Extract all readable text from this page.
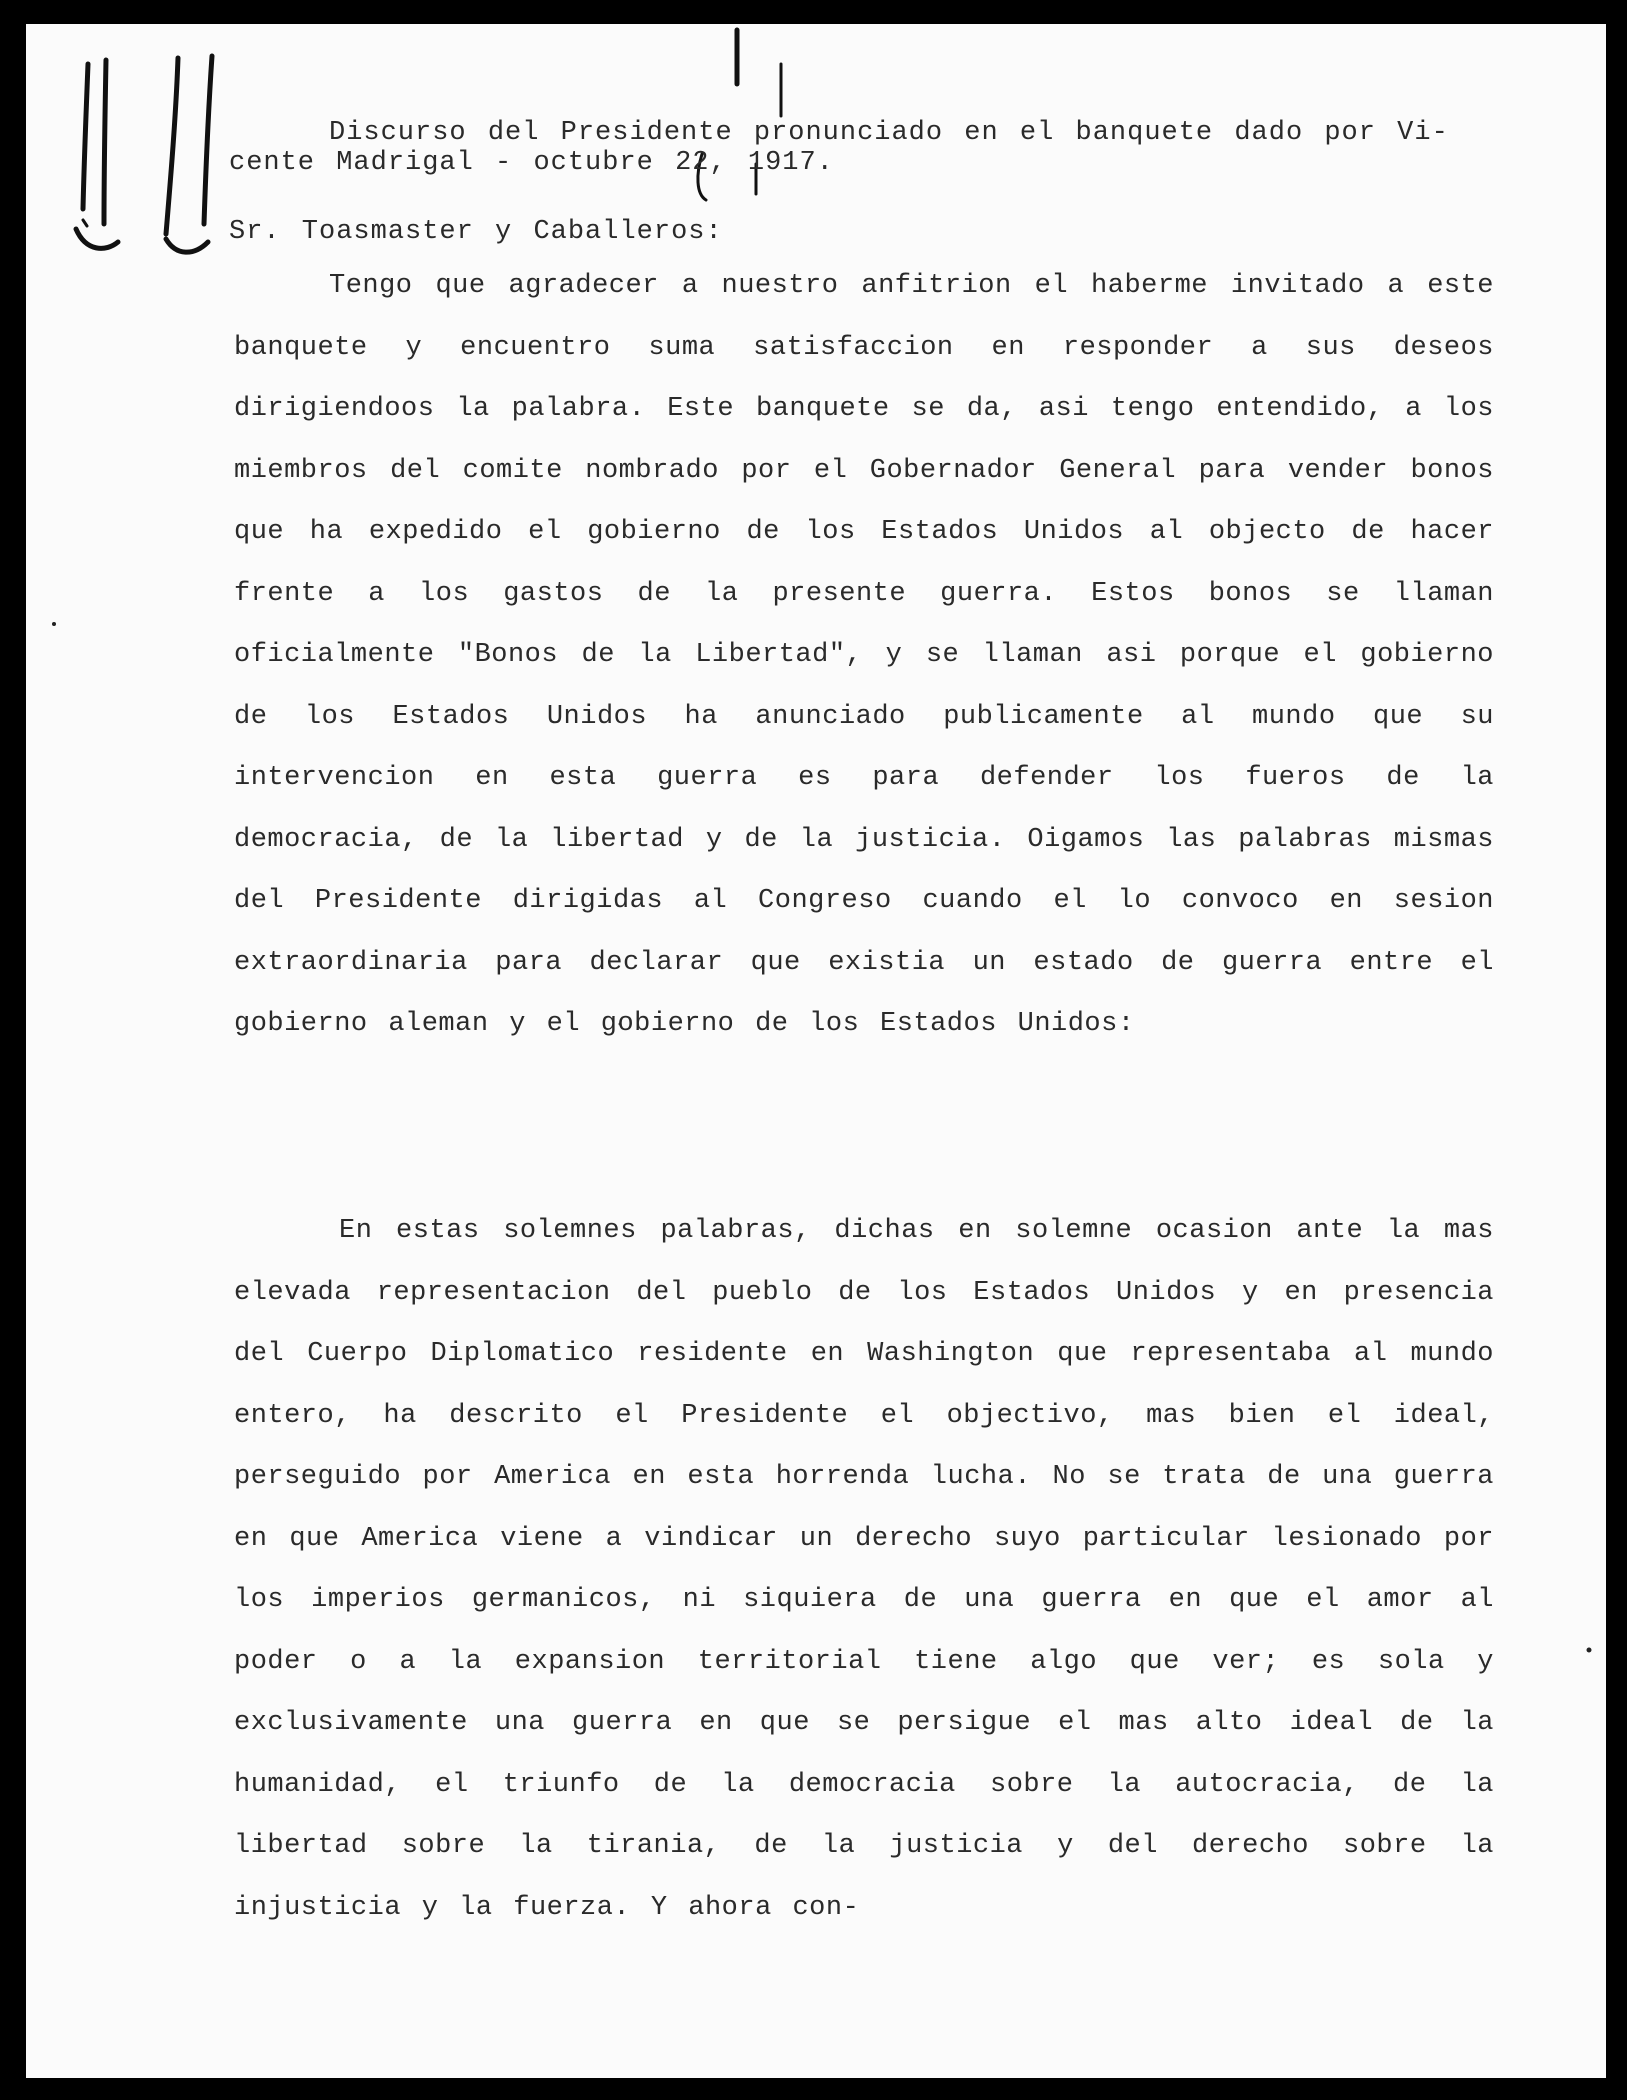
Discurso del Presidente pronunciado en el banquete dado por Vi-
cente Madrigal - octubre 22, 1917.

Sr. Toasmaster y Caballeros:

Tengo que agradecer a nuestro anfitrion el haberme invitado a este banquete y encuentro suma satisfaccion en responder a sus deseos dirigiendoos la palabra. Este banquete se da, asi tengo entendido, a los miembros del comite nombrado por el Gobernador General para vender bonos que ha expedido el gobierno de los Estados Unidos al objecto de hacer frente a los gastos de la presente guerra. Estos bonos se llaman oficialmente "Bonos de la Libertad", y se llaman asi porque el gobierno de los Estados Unidos ha anunciado publicamente al mundo que su intervencion en esta guerra es para defender los fueros de la democracia, de la libertad y de la justicia. Oigamos las palabras mismas del Presidente dirigidas al Congreso cuando el lo convoco en sesion extraordinaria para declarar que existia un estado de guerra entre el gobierno aleman y el gobierno de los Estados Unidos:

En estas solemnes palabras, dichas en solemne ocasion ante la mas elevada representacion del pueblo de los Estados Unidos y en presencia del Cuerpo Diplomatico residente en Washington que representaba al mundo entero, ha descrito el Presidente el objectivo, mas bien el ideal, perseguido por America en esta horrenda lucha. No se trata de una guerra en que America viene a vindicar un derecho suyo particular lesionado por los imperios germanicos, ni siquiera de una guerra en que el amor al poder o a la expansion territorial tiene algo que ver; es sola y exclusivamente una guerra en que se persigue el mas alto ideal de la humanidad, el triunfo de la democracia sobre la autocracia, de la libertad sobre la tirania, de la justicia y del derecho sobre la injusticia y la fuerza. Y ahora con-
